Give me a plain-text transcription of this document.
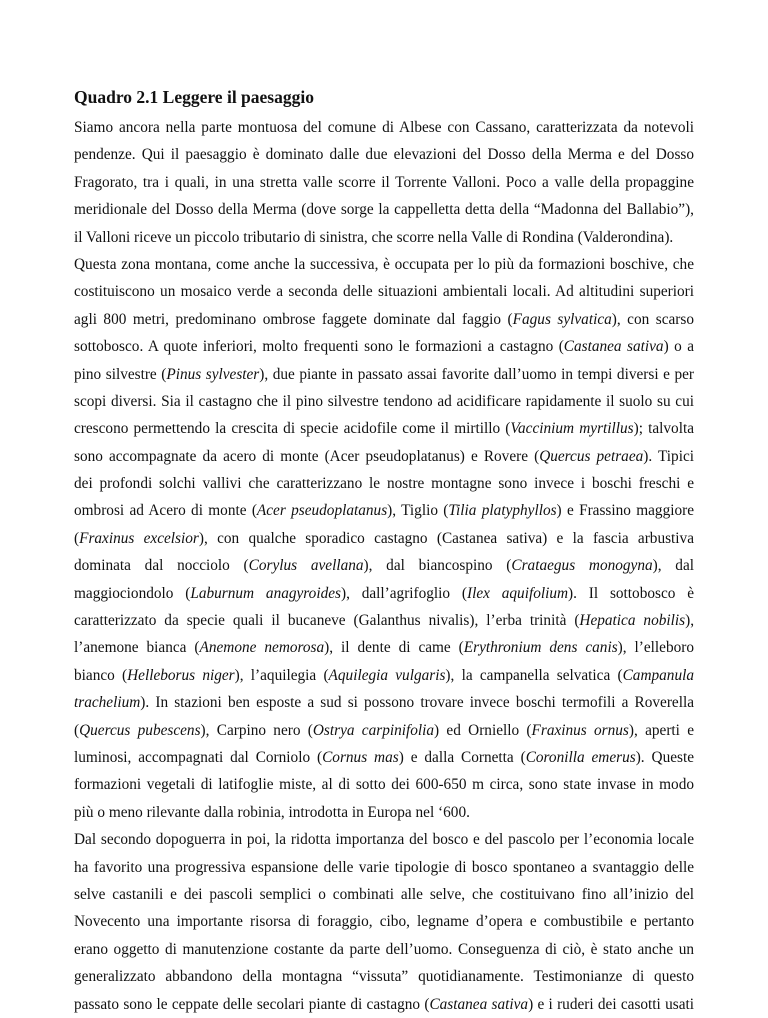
Quadro 2.1 Leggere il paesaggio
Siamo ancora nella parte montuosa del comune di Albese con Cassano, caratterizzata da notevoli
pendenze. Qui il paesaggio è dominato dalle due elevazioni del Dosso della Merma e del Dosso
Fragorato, tra i quali, in una stretta valle scorre il Torrente Valloni. Poco a valle della propaggine
meridionale del Dosso della Merma (dove sorge la cappelletta detta della “Madonna del Ballabio”),
il Valloni riceve un piccolo tributario di sinistra, che scorre nella Valle di Rondina (Valderondina).
Questa zona montana, come anche la successiva, è occupata per lo più da formazioni boschive, che
costituiscono un mosaico verde a seconda delle situazioni ambientali locali. Ad altitudini superiori
agli 800 metri, predominano ombrose faggete dominate dal faggio (Fagus sylvatica), con scarso
sottobosco. A quote inferiori, molto frequenti sono le formazioni a castagno (Castanea sativa) o a
pino silvestre (Pinus sylvester), due piante in passato assai favorite dall’uomo in tempi diversi e per
scopi diversi. Sia il castagno che il pino silvestre tendono ad acidificare rapidamente il suolo su cui
crescono permettendo la crescita di specie acidofile come il mirtillo (Vaccinium myrtillus); talvolta
sono accompagnate da acero di monte (Acer pseudoplatanus) e Rovere (Quercus petraea). Tipici
dei profondi solchi vallivi che caratterizzano le nostre montagne sono invece i boschi freschi e
ombrosi ad Acero di monte (Acer pseudoplatanus), Tiglio (Tilia platyphyllos) e Frassino maggiore
(Fraxinus excelsior), con qualche sporadico castagno (Castanea sativa) e la fascia arbustiva
dominata dal nocciolo (Corylus avellana), dal biancospino (Crataegus monogyna), dal
maggiociondolo (Laburnum anagyroides), dall’agrifoglio (Ilex aquifolium). Il sottobosco è
caratterizzato da specie quali il bucaneve (Galanthus nivalis), l’erba trinità (Hepatica nobilis),
l’anemone bianca (Anemone nemorosa), il dente di came (Erythronium dens canis), l’elleboro
bianco (Helleborus niger), l’aquilegia (Aquilegia vulgaris), la campanella selvatica (Campanula
trachelium). In stazioni ben esposte a sud si possono trovare invece boschi termofili a Roverella
(Quercus pubescens), Carpino nero (Ostrya carpinifolia) ed Orniello (Fraxinus ornus), aperti e
luminosi, accompagnati dal Corniolo (Cornus mas) e dalla Cornetta (Coronilla emerus). Queste
formazioni vegetali di latifoglie miste, al di sotto dei 600-650 m circa, sono state invase in modo
più o meno rilevante dalla robinia, introdotta in Europa nel ‘600.
Dal secondo dopoguerra in poi, la ridotta importanza del bosco e del pascolo per l’economia locale
ha favorito una progressiva espansione delle varie tipologie di bosco spontaneo a svantaggio delle
selve castanili e dei pascoli semplici o combinati alle selve, che costituivano fino all’inizio del
Novecento una importante risorsa di foraggio, cibo, legname d’opera e combustibile e pertanto
erano oggetto di manutenzione costante da parte dell’uomo. Conseguenza di ciò, è stato anche un
generalizzato abbandono della montagna “vissuta” quotidianamente. Testimonianze di questo
passato sono le ceppate delle secolari piante di castagno (Castanea sativa) e i ruderi dei casotti usati
